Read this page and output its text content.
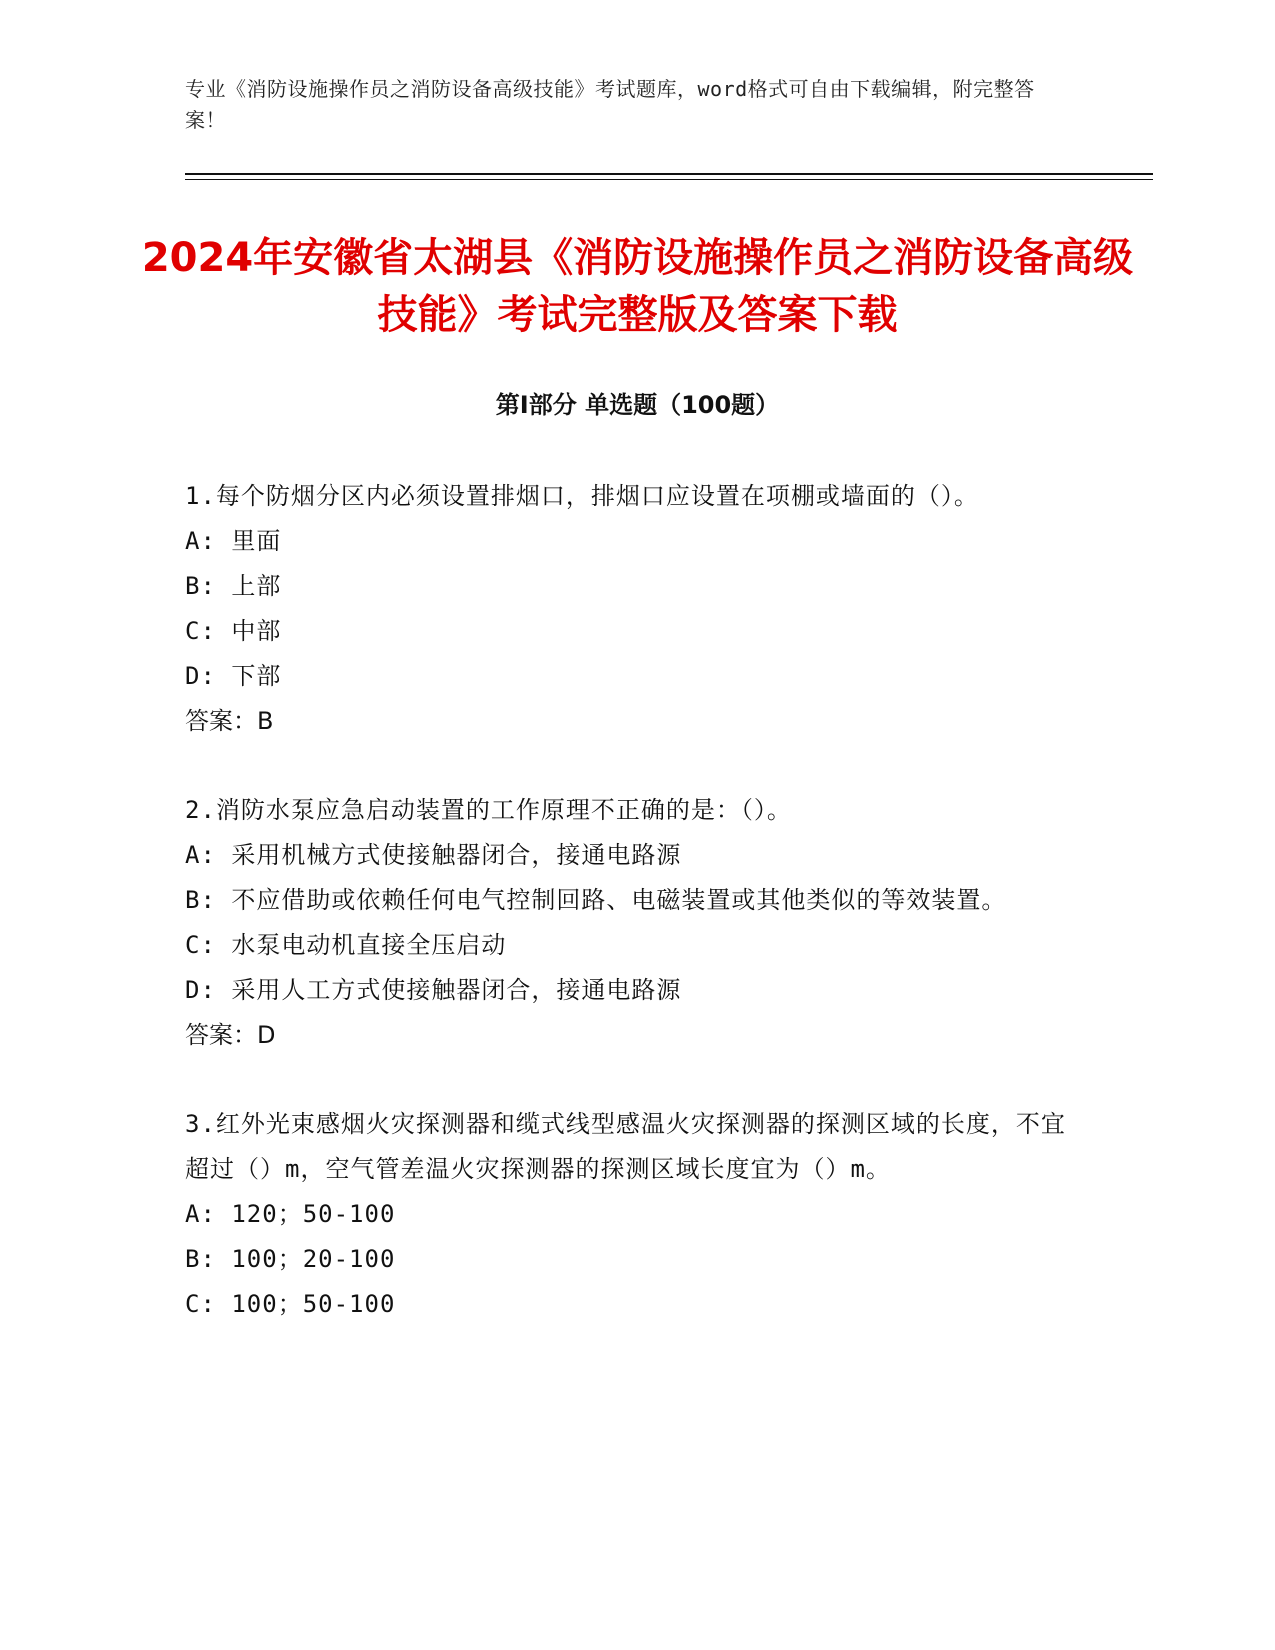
专业《消防设施操作员之消防设备高级技能》考试题库，word格式可自由下载编辑，附完整答案！
2024年安徽省太湖县《消防设施操作员之消防设备高级技能》考试完整版及答案下载
第Ⅰ部分 单选题（100题）
1.每个防烟分区内必须设置排烟口，排烟口应设置在项棚或墙面的（）。
A: 里面
B: 上部
C: 中部
D: 下部
答案：B
2.消防水泵应急启动装置的工作原理不正确的是：（）。
A: 采用机械方式使接触器闭合，接通电路源
B: 不应借助或依赖任何电气控制回路、电磁装置或其他类似的等效装置。
C: 水泵电动机直接全压启动
D: 采用人工方式使接触器闭合，接通电路源
答案：D
3.红外光束感烟火灾探测器和缆式线型感温火灾探测器的探测区域的长度，不宜超过（）m，空气管差温火灾探测器的探测区域长度宜为（）m。
A: 120；50-100
B: 100；20-100
C: 100；50-100
